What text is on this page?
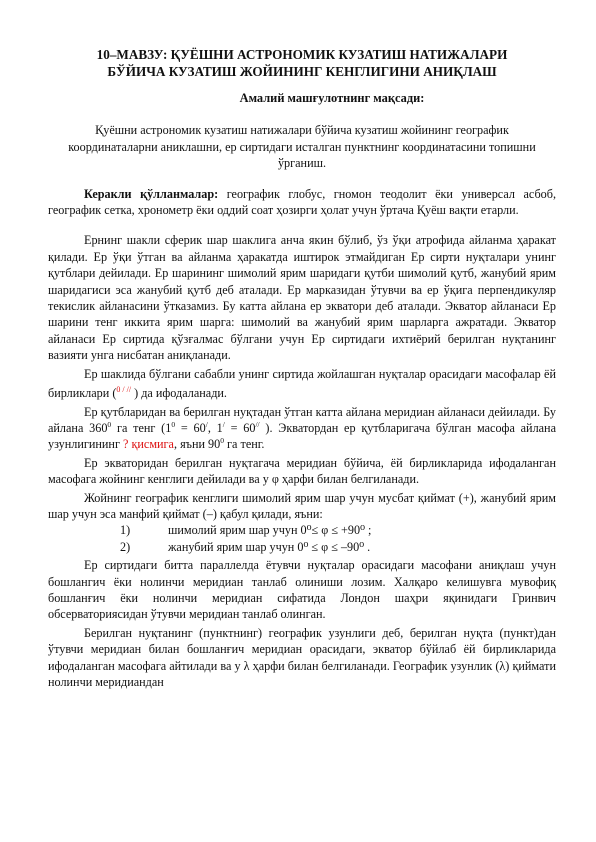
10–МАВЗУ: ҚУЁШНИ АСТРОНОМИК КУЗАТИШ НАТИЖАЛАРИ
БЎЙИЧА КУЗАТИШ ЖОЙИНИНГ КЕНГЛИГИНИ АНИҚЛАШ
Амалий машғулотнинг мақсади:
Қуёшни астрономик кузатиш натижалари бўйича кузатиш жойининг географик координаталарни аниклашни, ер сиртидаги исталган пунктнинг координатасини топишни ўрганиш.

Керакли қўлланмалар: географик глобус, гномон теодолит ёки универсал асбоб, географик сетка, хронометр ёки оддий соат ҳозирги ҳолат учун ўртача Қуёш вақти етарли.

Ернинг шакли сферик шар шаклига анча якин бўлиб, ўз ўқи атрофида айланма ҳаракат қилади. Ер ўқи ўтган ва айланма ҳаракатда иштирок этмайдиган Ер сирти нуқталари унинг қутблари дейилади. Ер шарининг шимолий ярим шаридаги қутби шимолий қутб, жанубий ярим шаридагиси эса жанубий қутб деб аталади. Ер марказидан ўтувчи ва ер ўқига перпендикуляр текислик айланасини ўтказамиз. Бу катта айлана ер экватори деб аталади. Экватор айланаси Ер шарини тенг иккита ярим шарга: шимолий ва жанубий ярим шарларга ажратади. Экватор айланаси Ер сиртида қўзғалмас бўлгани учун Ер сиртидаги ихтиёрий берилган нуқтанинг вазияти унга нисбатан аниқланади.

Ер шаклида бўлгани сабабли унинг сиртида жойлашган нуқталар орасидаги масофалар ёй бирликлари ($^{0 / //}$ ) да ифодаланади.

Ер қутбларидан ва берилган нуқтадан ўтган катта айлана меридиан айланаси дейилади. Бу айлана $360^0$ га тенг ($1^0 = 60^/$, 1/ = 60// ). Экватордан ер қутбларигача бўлган масофа айлана узунлигининг ? қисмига, яъни $90^0$ га тенг.

Ер экваторидан берилган нуқтагача меридиан бўйича, ёй бирликларида ифодаланган масофага жойнинг кенглиги дейилади ва у φ ҳарфи билан белгиланади.

Жойнинг географик кенглиги шимолий ярим шар учун мусбат қиймат (+), жанубий ярим шар учун эса манфий қиймат (–) қабул қилади, яъни:

1)	шимолий ярим шар учун 0⁰≤ φ ≤ +90⁰ ;
2)	жанубий ярим шар учун 0⁰ ≤ φ ≤ –90⁰ .

Ер сиртидаги битта параллелда ётувчи нуқталар орасидаги масофани аниқлаш учун бошлангич ёки нолинчи меридиан танлаб олиниши лозим. Халқаро келишувга мувофиқ бошланғич ёки нолинчи меридиан сифатида Лондон шаҳри яқинидаги Гринвич обсерваториясидан ўтувчи меридиан танлаб олинган.

Берилган нуқтанинг (пунктнинг) географик узунлиги деб, берилган нуқта (пункт)дан ўтувчи меридиан билан бошланғич меридиан орасидаги, экватор бўйлаб ёй бирликларида ифодаланган масофага айтилади ва у λ ҳарфи билан белгиланади. Географик узунлик (λ) қиймати нолинчи меридиандан
